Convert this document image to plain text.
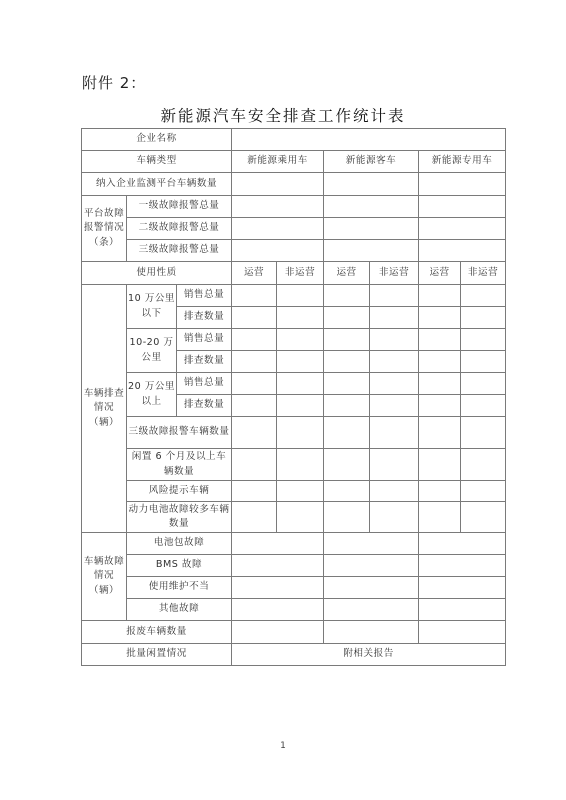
附件 2：
新能源汽车安全排查工作统计表
企业名称								
车辆类型			新能源乘用车		新能源客车		新能源专用车	
纳入企业监测平台车辆数量								
平台故障报警情况（条）	一级故障报警总量							
	二级故障报警总量							
	三级故障报警总量							
使用性质			运营	非运营	运营	非运营	运营	非运营
车辆排查情况（辆）	10 万公里以下	销售总量						
		排查数量						
	10-20 万公里	销售总量						
		排查数量						
	20 万公里以上	销售总量						
		排查数量						
	三级故障报警车辆数量							
	闲置 6 个月及以上车辆数量							
	风险提示车辆							
	动力电池故障较多车辆数量							
车辆故障情况（辆）	电池包故障							
	BMS 故障							
	使用维护不当							
	其他故障							
报废车辆数量								
批量闲置情况			附相关报告					
1
